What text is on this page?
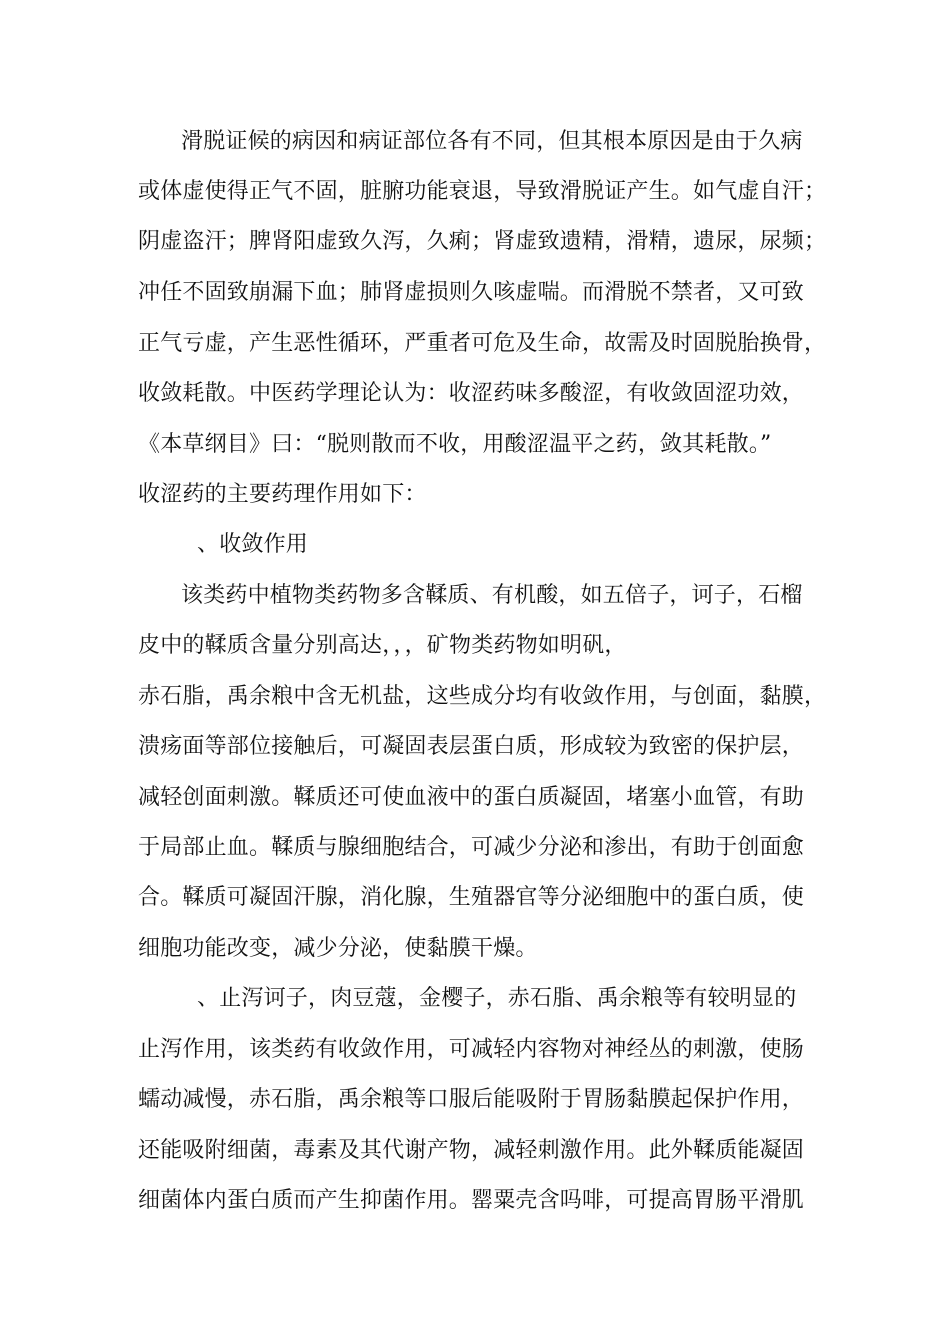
滑脱证候的病因和病证部位各有不同，但其根本原因是由于久病
或体虚使得正气不固，脏腑功能衰退，导致滑脱证产生。如气虚自汗；
阴虚盗汗；脾肾阳虚致久泻，久痢；肾虚致遗精，滑精，遗尿，尿频；
冲任不固致崩漏下血；肺肾虚损则久咳虚喘。而滑脱不禁者，又可致
正气亏虚，产生恶性循环，严重者可危及生命，故需及时固脱胎换骨，
收敛耗散。中医药学理论认为：收涩药味多酸涩，有收敛固涩功效，
《本草纲目》曰：“脱则散而不收，用酸涩温平之药，敛其耗散。”
收涩药的主要药理作用如下：
、收敛作用
该类药中植物类药物多含鞣质、有机酸，如五倍子，诃子，石榴
皮中的鞣质含量分别高达，，，矿物类药物如明矾，
赤石脂，禹余粮中含无机盐，这些成分均有收敛作用，与创面，黏膜，
溃疡面等部位接触后，可凝固表层蛋白质，形成较为致密的保护层，
减轻创面刺激。鞣质还可使血液中的蛋白质凝固，堵塞小血管，有助
于局部止血。鞣质与腺细胞结合，可减少分泌和渗出，有助于创面愈
合。鞣质可凝固汗腺，消化腺，生殖器官等分泌细胞中的蛋白质，使
细胞功能改变，减少分泌，使黏膜干燥。
、止泻诃子，肉豆蔻，金樱子，赤石脂、禹余粮等有较明显的
止泻作用，该类药有收敛作用，可减轻内容物对神经丛的刺激，使肠
蠕动减慢，赤石脂，禹余粮等口服后能吸附于胃肠黏膜起保护作用，
还能吸附细菌，毒素及其代谢产物，减轻刺激作用。此外鞣质能凝固
细菌体内蛋白质而产生抑菌作用。罂粟壳含吗啡，可提高胃肠平滑肌
